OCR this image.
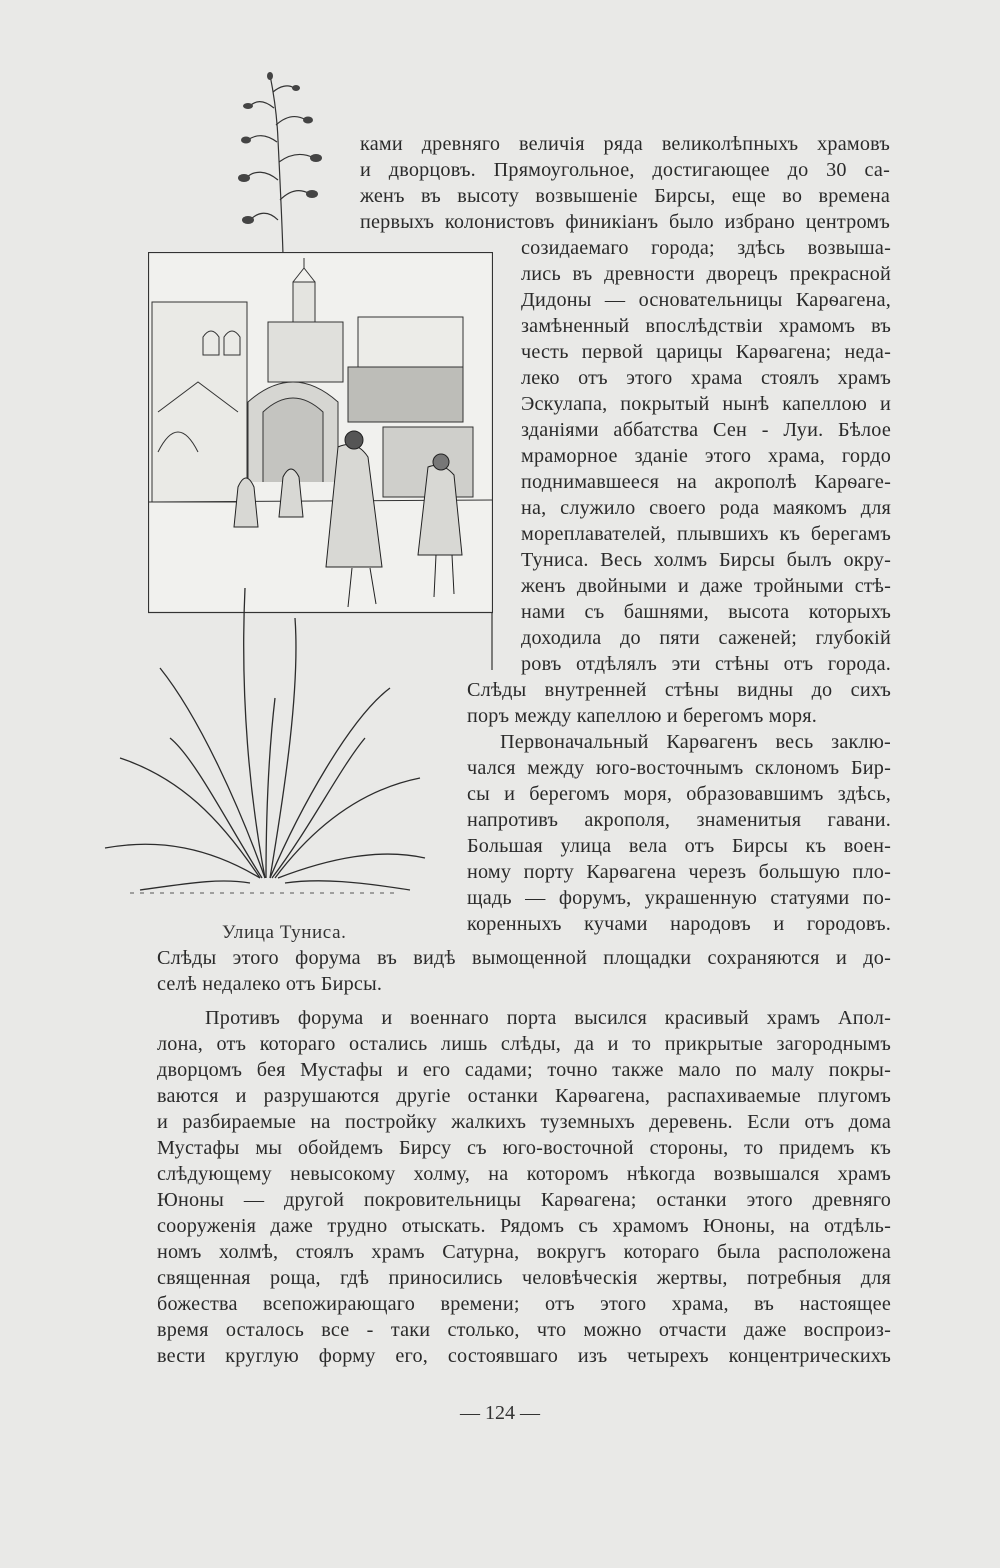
Улица Туниса.
ками древняго величія ряда великолѣпныхъ храмовъ
и дворцовъ. Прямоугольное, достигающее до 30 са-
женъ въ высоту возвышеніе Бирсы, еще во времена
первыхъ колонистовъ финикіанъ было избрано центромъ
созидаемаго города; здѣсь возвыша-
лись въ древности дворецъ прекрасной
Дидоны — основательницы Карѳагена,
замѣненный впослѣдствіи храмомъ въ
честь первой царицы Карѳагена; неда-
леко отъ этого храма стоялъ храмъ
Эскулапа, покрытый нынѣ капеллою и
зданіями аббатства Сен - Луи. Бѣлое
мраморное зданіе этого храма, гордо
поднимавшееся на акрополѣ Карѳаге-
на, служило своего рода маякомъ для
мореплавателей, плывшихъ къ берегамъ
Туниса. Весь холмъ Бирсы былъ окру-
женъ двойными и даже тройными стѣ-
нами съ башнями, высота которыхъ
доходила до пяти саженей; глубокій
ровъ отдѣлялъ эти стѣны отъ города.
Слѣды внутренней стѣны видны до сихъ
поръ между капеллою и берегомъ моря.
Первоначальный Карѳагенъ весь заклю-
чался между юго-восточнымъ склономъ Бир-
сы и берегомъ моря, образовавшимъ здѣсь,
напротивъ акрополя, знаменитыя гавани.
Большая улица вела отъ Бирсы къ воен-
ному порту Карѳагена черезъ большую пло-
щадь — форумъ, украшенную статуями по-
коренныхъ кучами народовъ и городовъ.
Слѣды этого форума въ видѣ вымощенной площадки сохраняются и до-
селѣ недалеко отъ Бирсы.
Противъ форума и военнаго порта высился красивый храмъ Апол-
лона, отъ котораго остались лишь слѣды, да и то прикрытые загороднымъ
дворцомъ бея Мустафы и его садами; точно также мало по малу покры-
ваются и разрушаются другіе останки Карѳагена, распахиваемые плугомъ
и разбираемые на постройку жалкихъ туземныхъ деревень. Если отъ дома
Мустафы мы обойдемъ Бирсу съ юго-восточной стороны, то придемъ къ
слѣдующему невысокому холму, на которомъ нѣкогда возвышался храмъ
Юноны — другой покровительницы Карѳагена; останки этого древняго
сооруженія даже трудно отыскать. Рядомъ съ храмомъ Юноны, на отдѣль-
номъ холмѣ, стоялъ храмъ Сатурна, вокругъ котораго была расположена
священная роща, гдѣ приносились человѣческія жертвы, потребныя для
божества всепожирающаго времени; отъ этого храма, въ настоящее
время осталось все - таки столько, что можно отчасти даже воспроиз-
вести круглую форму его, состоявшаго изъ четырехъ концентрическихъ
— 124 —
